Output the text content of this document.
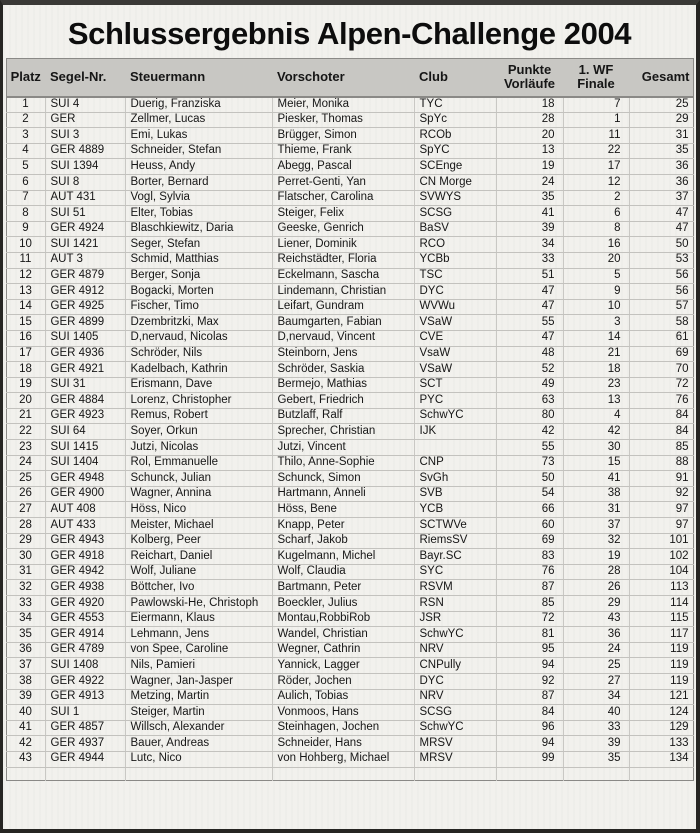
Schlussergebnis Alpen-Challenge 2004
Platz	Segel-Nr.	Steuermann	Vorschoter	Club	Punkte Vorläufe	1. WF Finale	Gesamt
1	SUI 4	Duerig, Franziska	Meier, Monika	TYC	18	7	25
2	GER	Zellmer, Lucas	Piesker, Thomas	SpYc	28	1	29
3	SUI 3	Emi, Lukas	Brügger, Simon	RCOb	20	11	31
4	GER 4889	Schneider, Stefan	Thieme, Frank	SpYC	13	22	35
5	SUI 1394	Heuss, Andy	Abegg, Pascal	SCEnge	19	17	36
6	SUI 8	Borter, Bernard	Perret-Genti, Yan	CN Morge	24	12	36
7	AUT 431	Vogl, Sylvia	Flatscher, Carolina	SVWYS	35	2	37
8	SUI 51	Elter, Tobias	Steiger, Felix	SCSG	41	6	47
9	GER 4924	Blaschkiewitz, Daria	Geeske, Genrich	BaSV	39	8	47
10	SUI 1421	Seger, Stefan	Liener, Dominik	RCO	34	16	50
11	AUT 3	Schmid, Matthias	Reichstädter, Floria	YCBb	33	20	53
12	GER 4879	Berger, Sonja	Eckelmann, Sascha	TSC	51	5	56
13	GER 4912	Bogacki, Morten	Lindemann, Christian	DYC	47	9	56
14	GER 4925	Fischer, Timo	Leifart, Gundram	WVWu	47	10	57
15	GER 4899	Dzembritzki, Max	Baumgarten, Fabian	VSaW	55	3	58
16	SUI 1405	D,nervaud, Nicolas	D,nervaud, Vincent	CVE	47	14	61
17	GER 4936	Schröder, Nils	Steinborn, Jens	VsaW	48	21	69
18	GER 4921	Kadelbach, Kathrin	Schröder, Saskia	VSaW	52	18	70
19	SUI 31	Erismann, Dave	Bermejo, Mathias	SCT	49	23	72
20	GER 4884	Lorenz, Christopher	Gebert, Friedrich	PYC	63	13	76
21	GER 4923	Remus, Robert	Butzlaff, Ralf	SchwYC	80	4	84
22	SUI 64	Soyer, Orkun	Sprecher, Christian	IJK	42	42	84
23	SUI 1415	Jutzi, Nicolas	Jutzi, Vincent		55	30	85
24	SUI 1404	Rol, Emmanuelle	Thilo, Anne-Sophie	CNP	73	15	88
25	GER 4948	Schunck, Julian	Schunck, Simon	SvGh	50	41	91
26	GER 4900	Wagner, Annina	Hartmann, Anneli	SVB	54	38	92
27	AUT 408	Höss, Nico	Höss, Bene	YCB	66	31	97
28	AUT 433	Meister, Michael	Knapp, Peter	SCTWVe	60	37	97
29	GER 4943	Kolberg, Peer	Scharf, Jakob	RiemsSV	69	32	101
30	GER 4918	Reichart, Daniel	Kugelmann, Michel	Bayr.SC	83	19	102
31	GER 4942	Wolf, Juliane	Wolf, Claudia	SYC	76	28	104
32	GER 4938	Böttcher, Ivo	Bartmann, Peter	RSVM	87	26	113
33	GER 4920	Pawlowski-He, Christoph	Boeckler, Julius	RSN	85	29	114
34	GER 4553	Eiermann, Klaus	Montau,RobbiRob	JSR	72	43	115
35	GER 4914	Lehmann, Jens	Wandel, Christian	SchwYC	81	36	117
36	GER 4789	von Spee, Caroline	Wegner, Cathrin	NRV	95	24	119
37	SUI 1408	Nils, Pamieri	Yannick, Lagger	CNPully	94	25	119
38	GER 4922	Wagner, Jan-Jasper	Röder, Jochen	DYC	92	27	119
39	GER 4913	Metzing, Martin	Aulich, Tobias	NRV	87	34	121
40	SUI 1	Steiger, Martin	Vonmoos, Hans	SCSG	84	40	124
41	GER 4857	Willsch, Alexander	Steinhagen, Jochen	SchwYC	96	33	129
42	GER 4937	Bauer, Andreas	Schneider, Hans	MRSV	94	39	133
43	GER 4944	Lutc, Nico	von Hohberg, Michael	MRSV	99	35	134
